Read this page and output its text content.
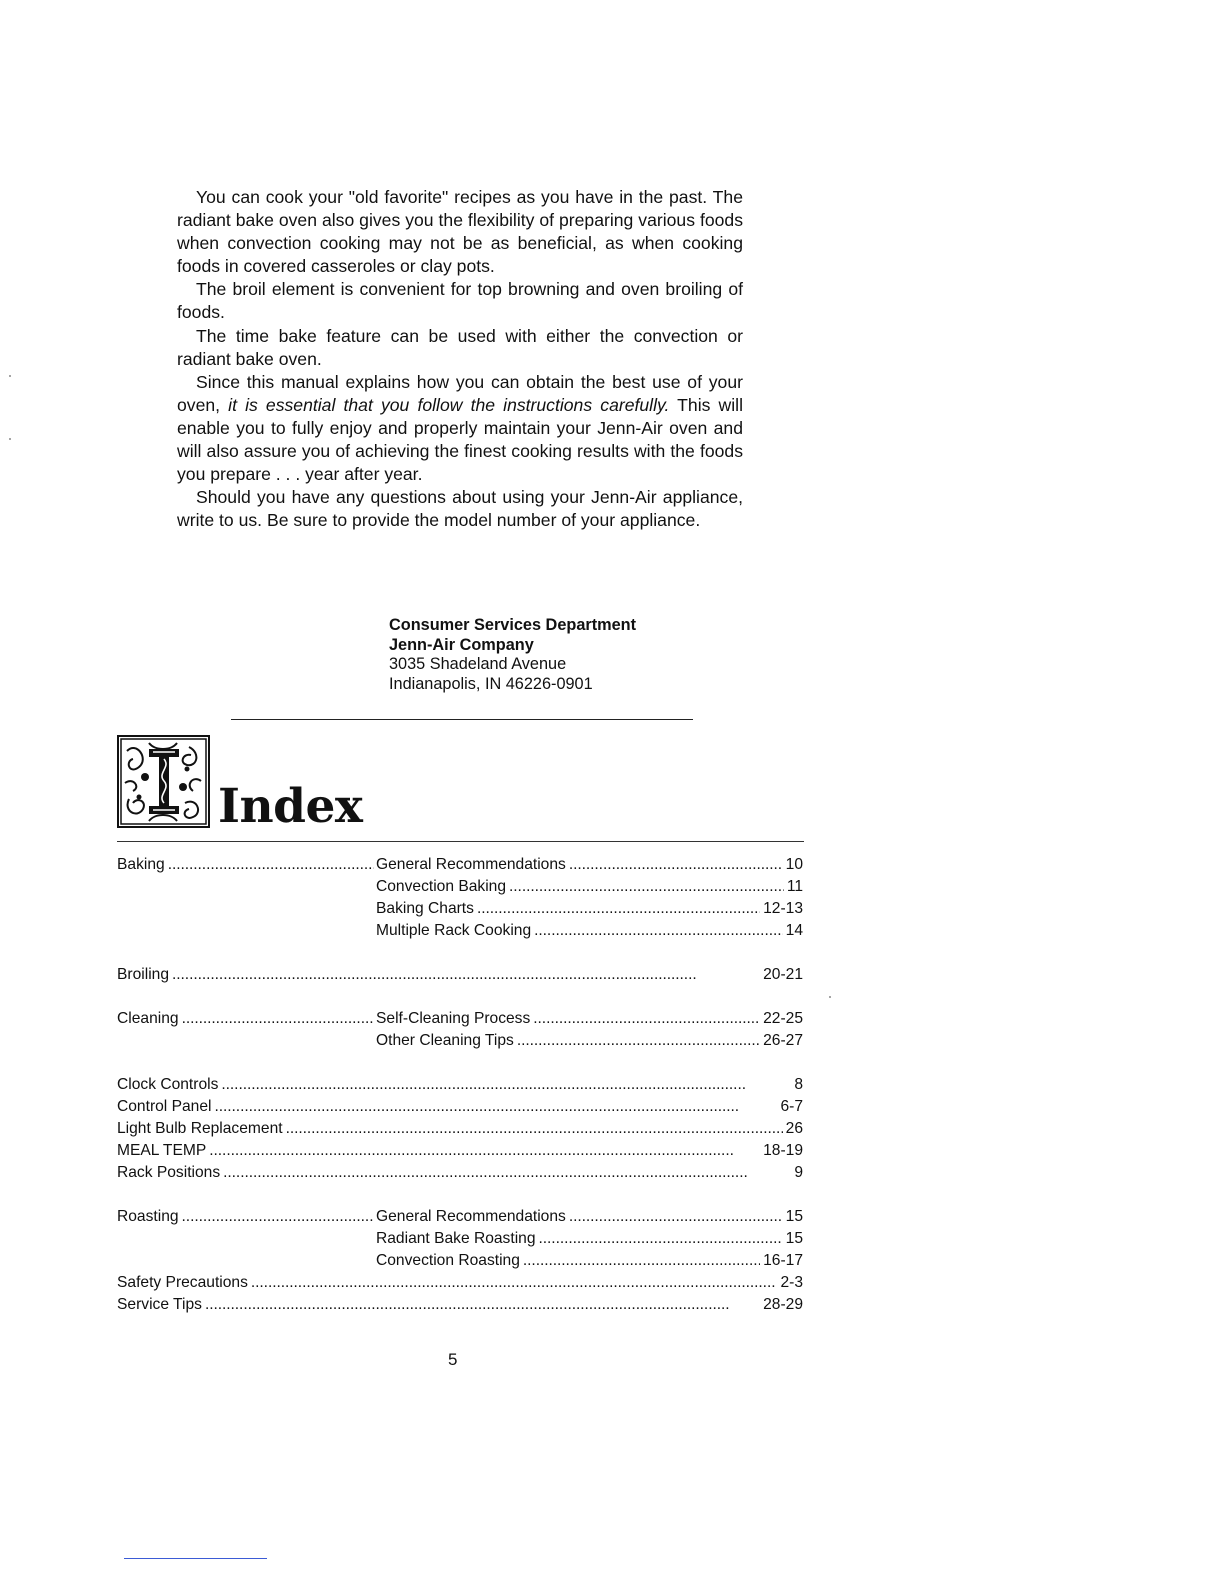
You can cook your "old favorite" recipes as you have in the past. The radiant bake oven also gives you the flexibility of preparing various foods when convection cooking may not be as beneficial, as when cooking foods in covered casseroles or clay pots.

The broil element is convenient for top browning and oven broiling of foods.

The time bake feature can be used with either the convection or radiant bake oven.

Since this manual explains how you can obtain the best use of your oven, it is essential that you follow the instructions carefully. This will enable you to fully enjoy and properly maintain your Jenn-Air oven and will also assure you of achieving the finest cooking results with the foods you prepare . . . year after year.

Should you have any questions about using your Jenn-Air appliance, write to us. Be sure to provide the model number of your appliance.

Consumer Services Department
Jenn-Air Company
3035 Shadeland Avenue
Indianapolis, IN 46226-0901
Index
Baking . . .	General Recommendations . . .	10
Convection Baking . . .	11
Baking Charts . . .	12-13
Multiple Rack Cooking . . .	14
Broiling . . .	20-21
Cleaning . . .	Self-Cleaning Process . . .	22-25
Other Cleaning Tips . . .	26-27
Clock Controls . . .	8
Control Panel . . .	6-7
Light Bulb Replacement . . .	26
MEAL TEMP . . .	18-19
Rack Positions . . .	9
Roasting . . .	General Recommendations . . .	15
Radiant Bake Roasting . . .	15
Convection Roasting . . .	16-17
Safety Precautions . . .	2-3
Service Tips . . .	28-29
5
